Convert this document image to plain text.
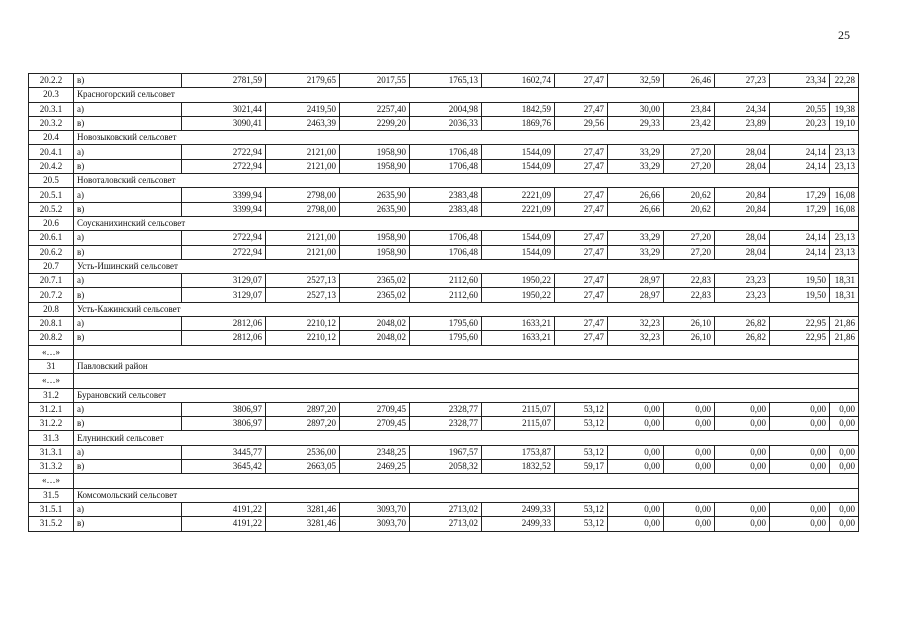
25
20.2.2	в)	2781,59	2179,65	2017,55	1765,13	1602,74	27,47	32,59	26,46	27,23	23,34	22,28
20.3	Красногорский сельсовет											
20.3.1	а)	3021,44	2419,50	2257,40	2004,98	1842,59	27,47	30,00	23,84	24,34	20,55	19,38
20.3.2	в)	3090,41	2463,39	2299,20	2036,33	1869,76	29,56	29,33	23,42	23,89	20,23	19,10
20.4	Новозыковский сельсовет											
20.4.1	а)	2722,94	2121,00	1958,90	1706,48	1544,09	27,47	33,29	27,20	28,04	24,14	23,13
20.4.2	в)	2722,94	2121,00	1958,90	1706,48	1544,09	27,47	33,29	27,20	28,04	24,14	23,13
20.5	Новоталовский сельсовет											
20.5.1	а)	3399,94	2798,00	2635,90	2383,48	2221,09	27,47	26,66	20,62	20,84	17,29	16,08
20.5.2	в)	3399,94	2798,00	2635,90	2383,48	2221,09	27,47	26,66	20,62	20,84	17,29	16,08
20.6	Соусканихинский сельсовет											
20.6.1	а)	2722,94	2121,00	1958,90	1706,48	1544,09	27,47	33,29	27,20	28,04	24,14	23,13
20.6.2	в)	2722,94	2121,00	1958,90	1706,48	1544,09	27,47	33,29	27,20	28,04	24,14	23,13
20.7	Усть-Ишинский сельсовет											
20.7.1	а)	3129,07	2527,13	2365,02	2112,60	1950,22	27,47	28,97	22,83	23,23	19,50	18,31
20.7.2	в)	3129,07	2527,13	2365,02	2112,60	1950,22	27,47	28,97	22,83	23,23	19,50	18,31
20.8	Усть-Кажинский сельсовет											
20.8.1	а)	2812,06	2210,12	2048,02	1795,60	1633,21	27,47	32,23	26,10	26,82	22,95	21,86
20.8.2	в)	2812,06	2210,12	2048,02	1795,60	1633,21	27,47	32,23	26,10	26,82	22,95	21,86
«…»												
31	Павловский район											
«…»												
31.2	Бурановский сельсовет											
31.2.1	а)	3806,97	2897,20	2709,45	2328,77	2115,07	53,12	0,00	0,00	0,00	0,00	0,00
31.2.2	в)	3806,97	2897,20	2709,45	2328,77	2115,07	53,12	0,00	0,00	0,00	0,00	0,00
31.3	Елунинский сельсовет											
31.3.1	а)	3445,77	2536,00	2348,25	1967,57	1753,87	53,12	0,00	0,00	0,00	0,00	0,00
31.3.2	в)	3645,42	2663,05	2469,25	2058,32	1832,52	59,17	0,00	0,00	0,00	0,00	0,00
«…»												
31.5	Комсомольский сельсовет											
31.5.1	а)	4191,22	3281,46	3093,70	2713,02	2499,33	53,12	0,00	0,00	0,00	0,00	0,00
31.5.2	в)	4191,22	3281,46	3093,70	2713,02	2499,33	53,12	0,00	0,00	0,00	0,00	0,00
